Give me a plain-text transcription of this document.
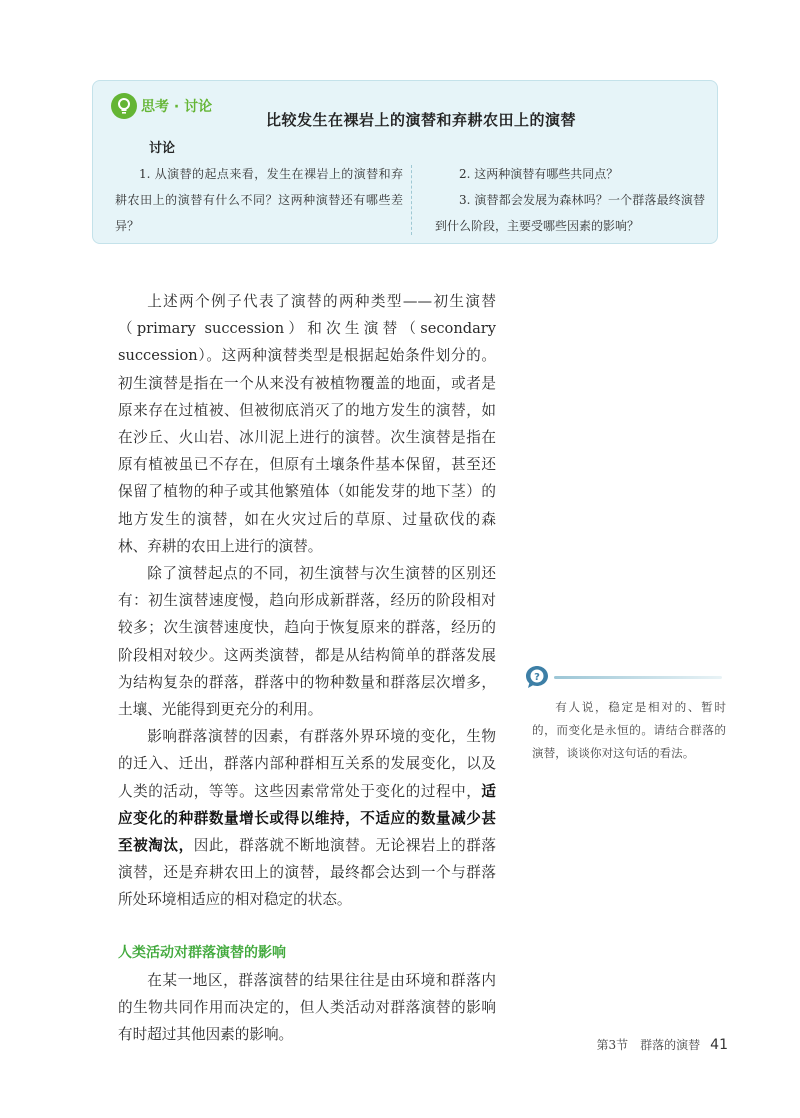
思考 · 讨论
比较发生在裸岩上的演替和弃耕农田上的演替
讨论
1. 从演替的起点来看，发生在裸岩上的演替和弃耕农田上的演替有什么不同？这两种演替还有哪些差异？
2. 这两种演替有哪些共同点？
3. 演替都会发展为森林吗？一个群落最终演替到什么阶段，主要受哪些因素的影响？

上述两个例子代表了演替的两种类型——初生演替（primary succession）和次生演替（secondary succession）。这两种演替类型是根据起始条件划分的。初生演替是指在一个从来没有被植物覆盖的地面，或者是原来存在过植被、但被彻底消灭了的地方发生的演替，如在沙丘、火山岩、冰川泥上进行的演替。次生演替是指在原有植被虽已不存在，但原有土壤条件基本保留，甚至还保留了植物的种子或其他繁殖体（如能发芽的地下茎）的地方发生的演替，如在火灾过后的草原、过量砍伐的森林、弃耕的农田上进行的演替。

除了演替起点的不同，初生演替与次生演替的区别还有：初生演替速度慢，趋向形成新群落，经历的阶段相对较多；次生演替速度快，趋向于恢复原来的群落，经历的阶段相对较少。这两类演替，都是从结构简单的群落发展为结构复杂的群落，群落中的物种数量和群落层次增多，土壤、光能得到更充分的利用。

影响群落演替的因素，有群落外界环境的变化，生物的迁入、迁出，群落内部种群相互关系的发展变化，以及人类的活动，等等。这些因素常常处于变化的过程中，适应变化的种群数量增长或得以维持，不适应的数量减少甚至被淘汰，因此，群落就不断地演替。无论裸岩上的群落演替，还是弃耕农田上的演替，最终都会达到一个与群落所处环境相适应的相对稳定的状态。

人类活动对群落演替的影响

在某一地区，群落演替的结果往往是由环境和群落内的生物共同作用而决定的，但人类活动对群落演替的影响有时超过其他因素的影响。

?
有人说，稳定是相对的、暂时的，而变化是永恒的。请结合群落的演替，谈谈你对这句话的看法。
第3节　群落的演替 41
